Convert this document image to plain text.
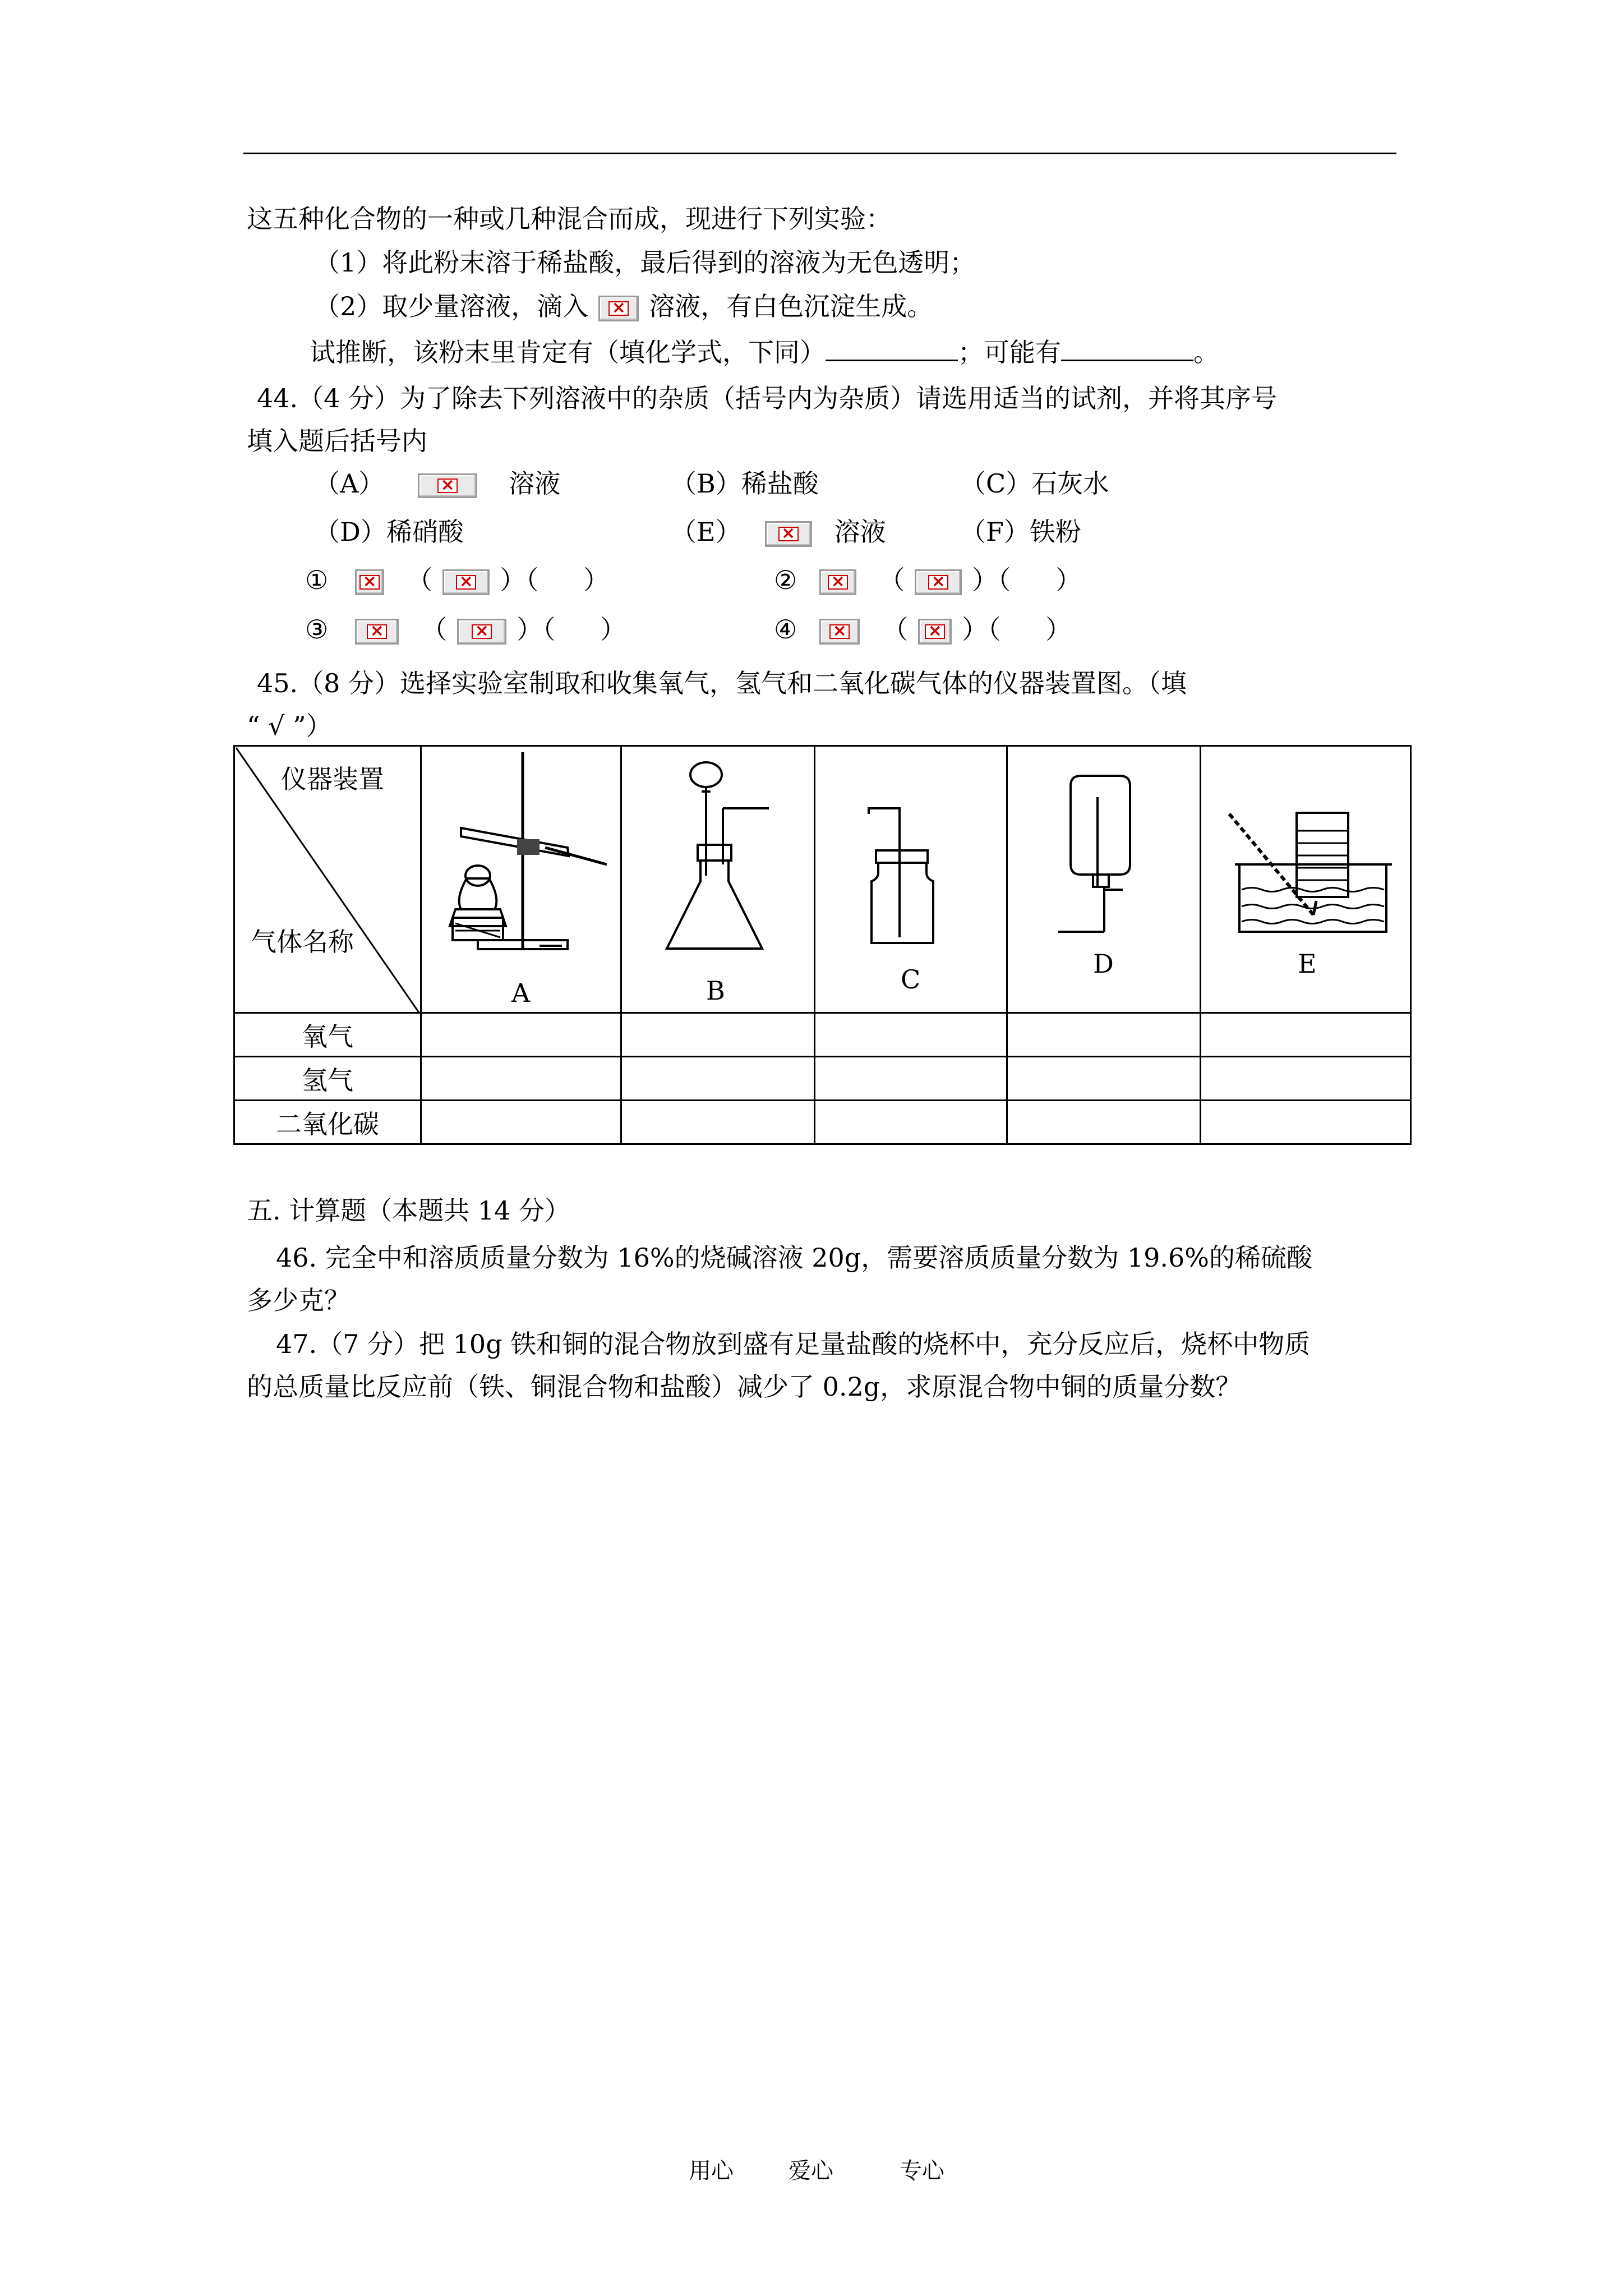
这五种化合物的一种或几种混合而成，现进行下列实验：
（1）将此粉末溶于稀盐酸，最后得到的溶液为无色透明；
（2）取少量溶液，滴入 × 溶液，有白色沉淀生成。
试推断，该粉末里肯定有（填化学式，下同）	；可能有	。
44.（4 分）为了除去下列溶液中的杂质（括号内为杂质）请选用适当的试剂，并将其序号
填入题后括号内
（A） ×	溶液	（B）稀盐酸	（C）石灰水
（D）稀硝酸	（E） ×	溶液	（F）铁粉
① ×	（ ×	）（ ）	② ×	（ ×	）（ ）
③ ×	（ ×	）（ ）	④ ×	（ × ）（ ）
45.（8 分）选择实验室制取和收集氧气，氢气和二氧化碳气体的仪器装置图。（填
“ √ ”）
仪器装置
气体名称	A	B	C	D	E

氧气					
氢气					
二氧化碳					
五. 计算题（本题共 14 分）
46. 完全中和溶质质量分数为 16%的烧碱溶液 20g，需要溶质质量分数为 19.6%的稀硫酸
多少克？
47.（7 分）把 10g 铁和铜的混合物放到盛有足量盐酸的烧杯中，充分反应后，烧杯中物质
的总质量比反应前（铁、铜混合物和盐酸）减少了 0.2g，求原混合物中铜的质量分数？
用心 爱心	专心
